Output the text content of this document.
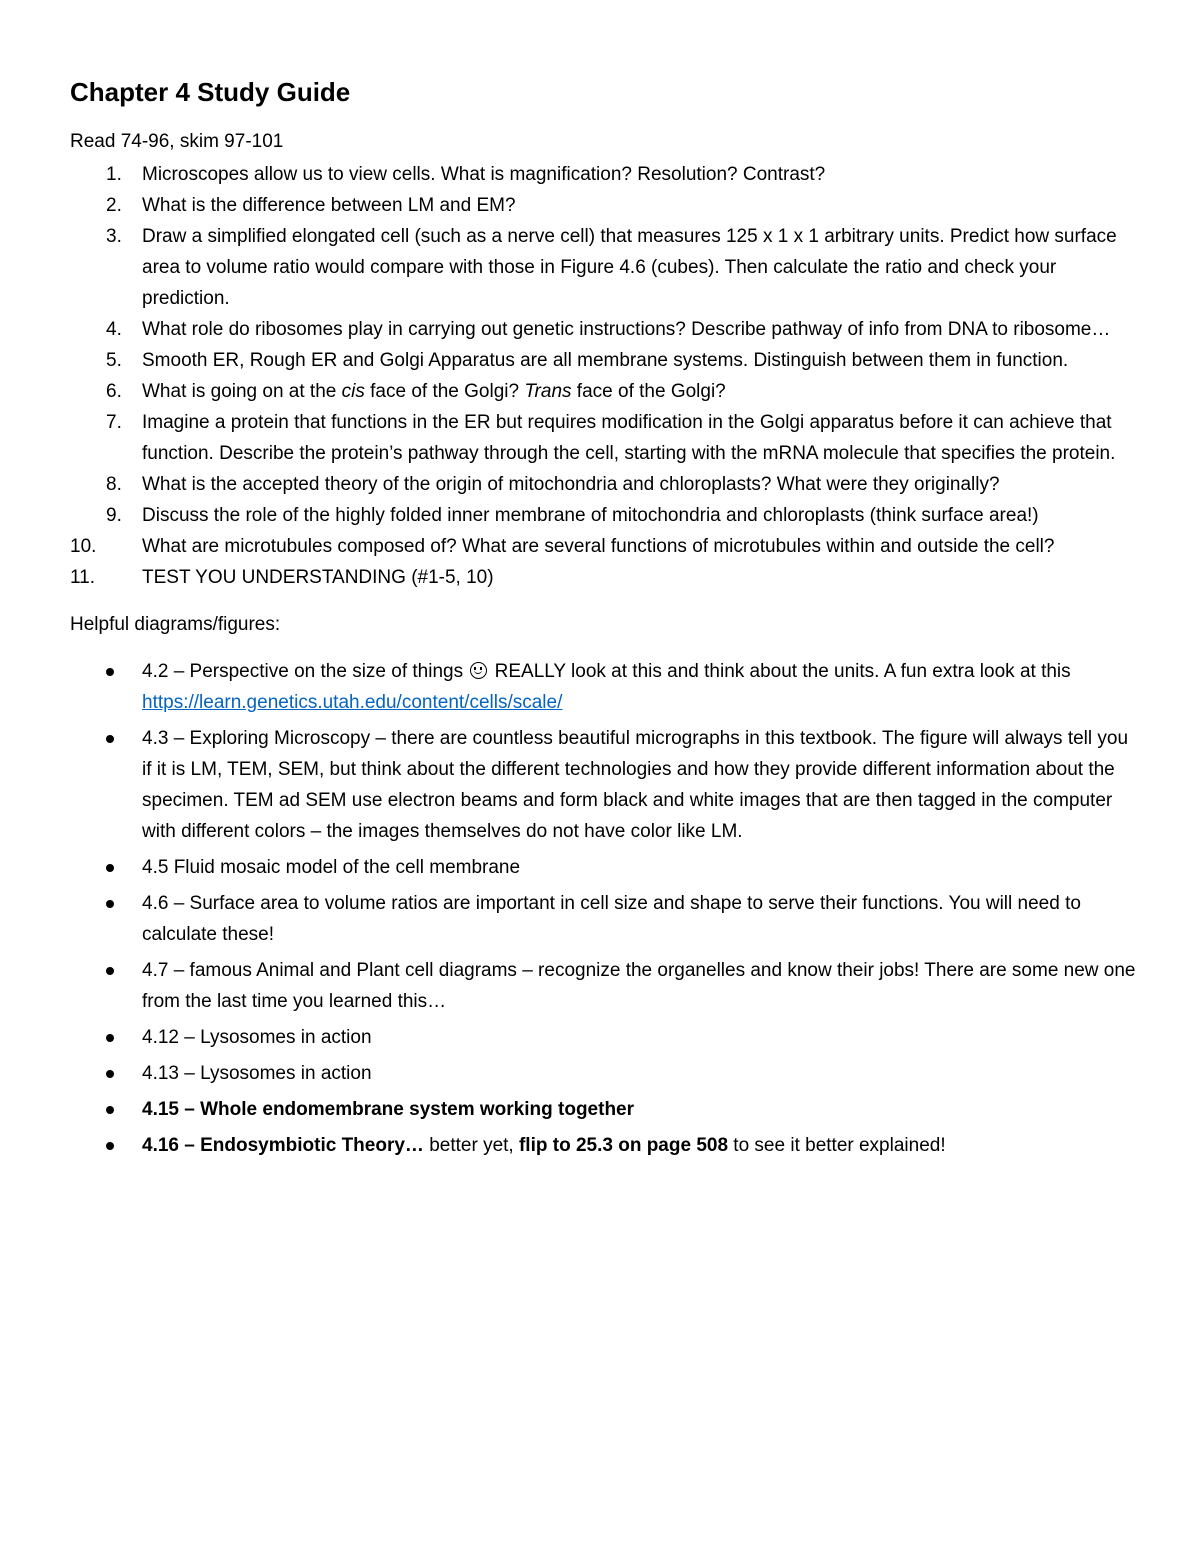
Chapter 4 Study Guide
Read 74-96, skim 97-101
1.	Microscopes allow us to view cells. What is magnification? Resolution? Contrast?
2.	What is the difference between LM and EM?
3.	Draw a simplified elongated cell (such as a nerve cell) that measures 125 x 1 x 1 arbitrary units. Predict how surface area to volume ratio would compare with those in Figure 4.6 (cubes). Then calculate the ratio and check your prediction.
4.	What role do ribosomes play in carrying out genetic instructions? Describe pathway of info from DNA to ribosome…
5.	Smooth ER, Rough ER and Golgi Apparatus are all membrane systems. Distinguish between them in function.
6.	What is going on at the cis face of the Golgi? Trans face of the Golgi?
7.	Imagine a protein that functions in the ER but requires modification in the Golgi apparatus before it can achieve that function. Describe the protein’s pathway through the cell, starting with the mRNA molecule that specifies the protein.
8.	What is the accepted theory of the origin of mitochondria and chloroplasts? What were they originally?
9.	Discuss the role of the highly folded inner membrane of mitochondria and chloroplasts (think surface area!)
10.	What are microtubules composed of? What are several functions of microtubules within and outside the cell?
11.	TEST YOU UNDERSTANDING (#1-5, 10)
Helpful diagrams/figures:
4.2 – Perspective on the size of things  REALLY look at this and think about the units. A fun extra look at this https://learn.genetics.utah.edu/content/cells/scale/
4.3 – Exploring Microscopy – there are countless beautiful micrographs in this textbook. The figure will always tell you if it is LM, TEM, SEM, but think about the different technologies and how they provide different information about the specimen. TEM ad SEM use electron beams and form black and white images that are then tagged in the computer with different colors – the images themselves do not have color like LM.
4.5 Fluid mosaic model of the cell membrane
4.6 – Surface area to volume ratios are important in cell size and shape to serve their functions. You will need to calculate these!
4.7 – famous Animal and Plant cell diagrams – recognize the organelles and know their jobs! There are some new one from the last time you learned this…
4.12 – Lysosomes in action
4.13 – Lysosomes in action
4.15 – Whole endomembrane system working together
4.16 – Endosymbiotic Theory… better yet, flip to 25.3 on page 508 to see it better explained!
